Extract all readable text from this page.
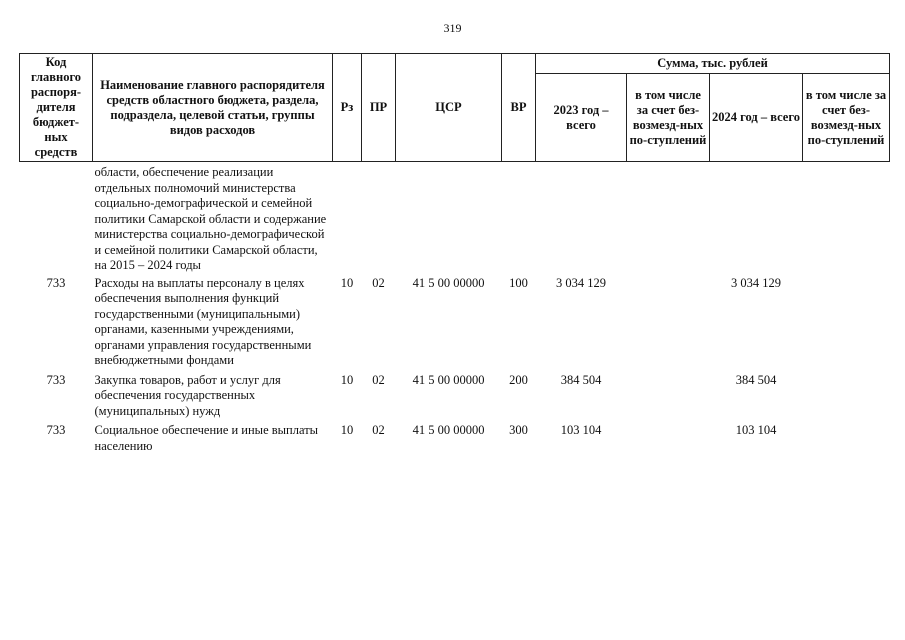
319
Код главного распоря-дителя бюджет-ных средств	Наименование главного распорядителя средств областного бюджета, раздела, подраздела, целевой статьи, группы видов расходов	Рз	ПР	ЦСР	ВР	Сумма, тыс. рублей			
						2023 год – всего	в том числе за счет без-возмезд-ных по-ступлений	2024 год – всего	в том числе за счет без-возмезд-ных по-ступлений
	области, обеспечение реализации отдельных полномочий министерства социально-демографической и семейной политики Самарской области и содержание министерства социально-демографической и семейной политики Самарской области, на 2015 – 2024 годы								
733	Расходы на выплаты персоналу в целях обеспечения выполнения функций государственными (муниципальными) органами, казенными учреждениями, органами управления государственными внебюджетными фондами	10	02	41 5 00 00000	100	3 034 129		3 034 129	
733	Закупка товаров, работ и услуг для обеспечения государственных (муниципальных) нужд	10	02	41 5 00 00000	200	384 504		384 504	
733	Социальное обеспечение и иные выплаты населению	10	02	41 5 00 00000	300	103 104		103 104	
